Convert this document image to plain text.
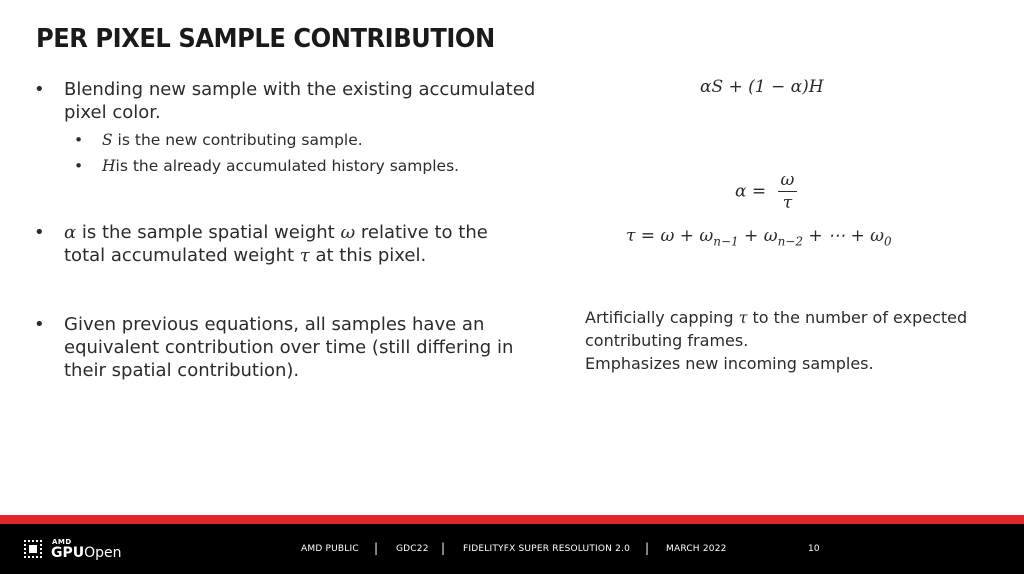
PER PIXEL SAMPLE CONTRIBUTION
• Blending new sample with the existing accumulated
pixel color.
• S is the new contributing sample.
• His the already accumulated history samples.
• α is the sample spatial weight ω relative to the
total accumulated weight τ at this pixel.
• Given previous equations, all samples have an
equivalent contribution over time (still differing in
their spatial contribution).
αS + (1 − α)H
$\alpha = \frac{\omega}{\tau}$
$\tau = \omega + \omega_{n-1} + \omega_{n-2}$ + ⋯ + $\omega_0$
Artificially capping τ to the number of expected
contributing frames.
Emphasizes new incoming samples.
AMD
GPUOpen	AMD PUBLIC | GDC22 | FIDELITYFX SUPER RESOLUTION 2.0 | MARCH 2022	10
